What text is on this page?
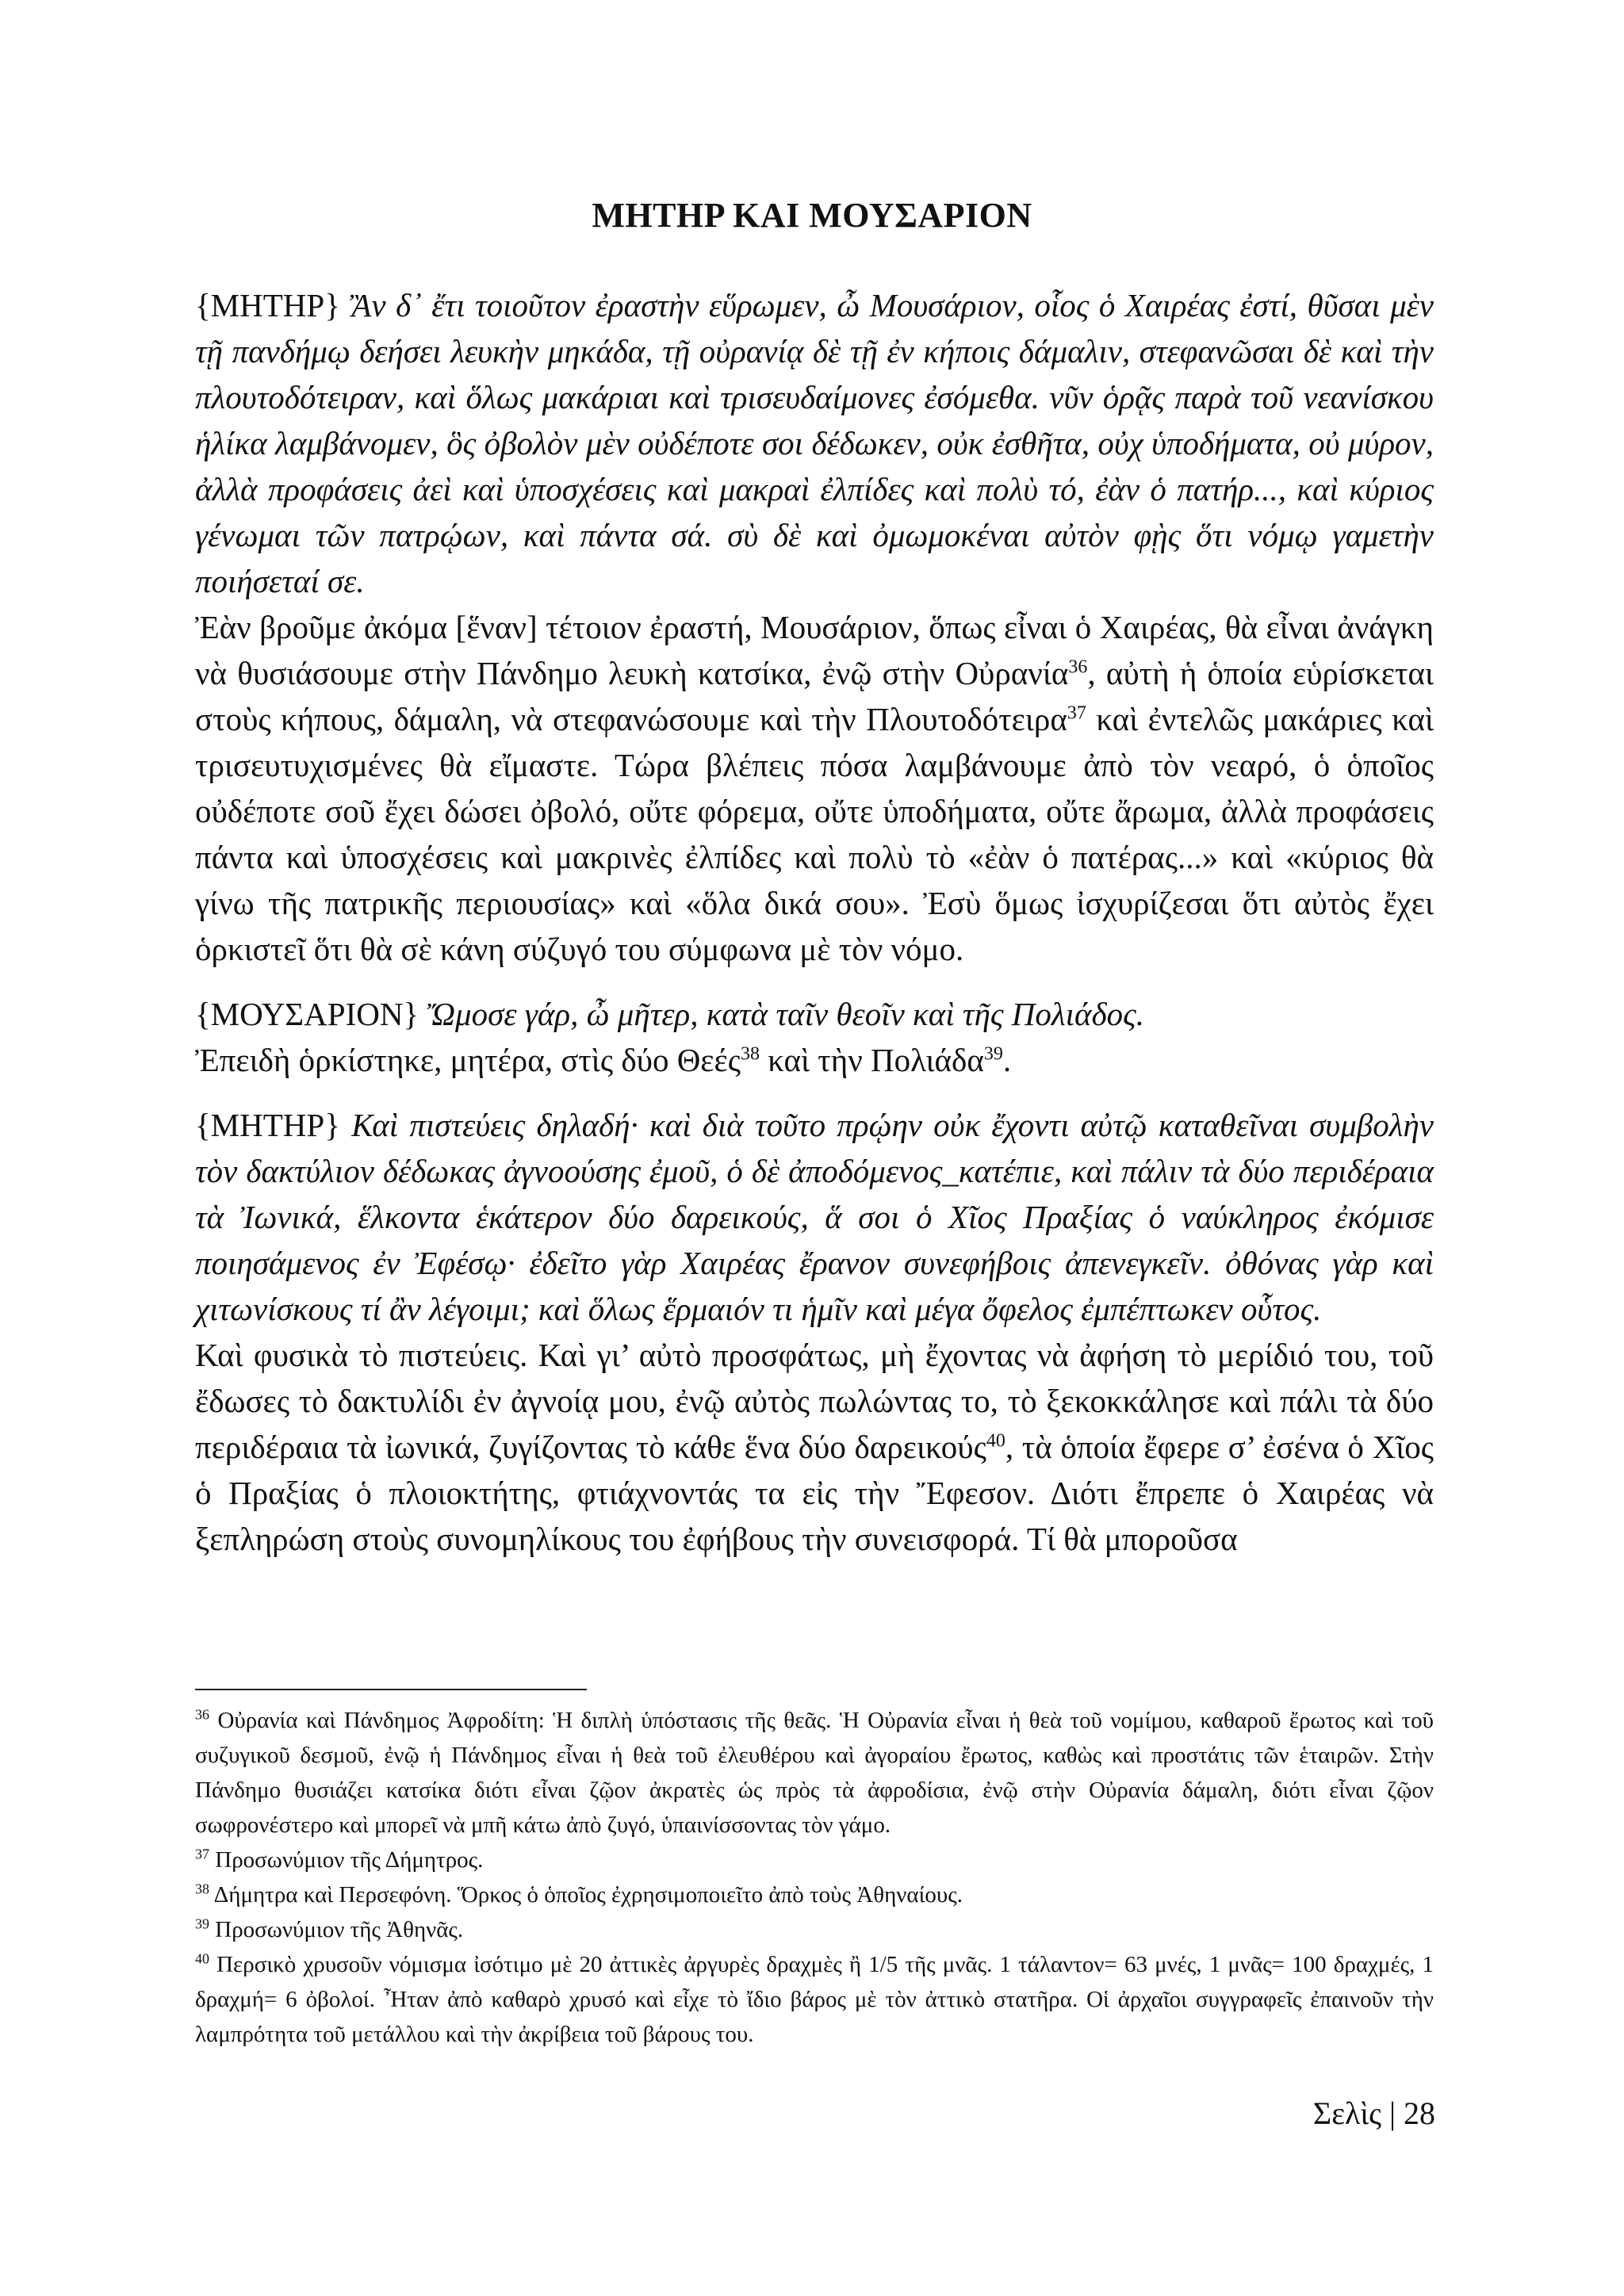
ΜΗΤΗΡ ΚΑΙ ΜΟΥΣΑΡΙΟΝ

{ΜΗΤΗΡ} Ἂν δ᾽ ἔτι τοιοῦτον ἐραστὴν εὕρωμεν, ὦ Μουσάριον, οἷος ὁ Χαιρέας ἐστί, θῦσαι μὲν τῇ πανδήμῳ δεήσει λευκὴν μηκάδα, τῇ οὐρανίᾳ δὲ τῇ ἐν κήποις δάμαλιν, στεφανῶσαι δὲ καὶ τὴν πλουτοδότειραν, καὶ ὅλως μακάριαι καὶ τρισευδαίμονες ἐσόμεθα. νῦν ὁρᾷς παρὰ τοῦ νεανίσκου ἡλίκα λαμβάνομεν, ὃς ὀβολὸν μὲν οὐδέποτε σοι δέδωκεν, οὐκ ἐσθῆτα, οὐχ ὑποδήματα, οὐ μύρον, ἀλλὰ προφάσεις ἀεὶ καὶ ὑποσχέσεις καὶ μακραὶ ἐλπίδες καὶ πολὺ τό, ἐὰν ὁ πατήρ..., καὶ κύριος γένωμαι τῶν πατρῴων, καὶ πάντα σά. σὺ δὲ καὶ ὀμωμοκέναι αὐτὸν φῂς ὅτι νόμῳ γαμετὴν ποιήσεταί σε.

Ἐὰν βροῦμε ἀκόμα [ἕναν] τέτοιον ἐραστή, Μουσάριον, ὅπως εἶναι ὁ Χαιρέας, θὰ εἶναι ἀνάγκη νὰ θυσιάσουμε στὴν Πάνδημο λευκὴ κατσίκα, ἐνῷ στὴν Οὐρανία$^{36}$, αὐτὴ ἡ ὁποία εὑρίσκεται στοὺς κήπους, δάμαλη, νὰ στεφανώσουμε καὶ τὴν Πλουτοδότειρα$^{37}$ καὶ ἐντελῶς μακάριες καὶ τρισευτυχισμένες θὰ εἴμαστε. Τώρα βλέπεις πόσα λαμβάνουμε ἀπὸ τὸν νεαρό, ὁ ὁποῖος οὐδέποτε σοῦ ἔχει δώσει ὀβολό, οὔτε φόρεμα, οὔτε ὑποδήματα, οὔτε ἄρωμα, ἀλλὰ προφάσεις πάντα καὶ ὑποσχέσεις καὶ μακρινὲς ἐλπίδες καὶ πολὺ τὸ «ἐὰν ὁ πατέρας...» καὶ «κύριος θὰ γίνω τῆς πατρικῆς περιουσίας» καὶ «ὅλα δικά σου». Ἐσὺ ὅμως ἰσχυρίζεσαι ὅτι αὐτὸς ἔχει ὁρκιστεῖ ὅτι θὰ σὲ κάνη σύζυγό του σύμφωνα μὲ τὸν νόμο.

{ΜΟΥΣΑΡΙΟΝ} Ὤμοσε γάρ, ὦ μῆτερ, κατὰ ταῖν θεοῖν καὶ τῆς Πολιάδος.

Ἐπειδὴ ὁρκίστηκε, μητέρα, στὶς δύο Θεές$^{38}$ καὶ τὴν Πολιάδα$^{39}$.

{ΜΗΤΗΡ} Καὶ πιστεύεις δηλαδή· καὶ διὰ τοῦτο πρῴην οὐκ ἔχοντι αὐτῷ καταθεῖναι συμβολὴν τὸν δακτύλιον δέδωκας ἀγνοούσης ἐμοῦ, ὁ δὲ ἀποδόμενος_κατέπιε, καὶ πάλιν τὰ δύο περιδέραια τὰ Ἰωνικά, ἕλκοντα ἑκάτερον δύο δαρεικούς, ἅ σοι ὁ Χῖος Πραξίας ὁ ναύκληρος ἐκόμισε ποιησάμενος ἐν Ἐφέσῳ· ἐδεῖτο γὰρ Χαιρέας ἔρανον συνεφήβοις ἀπενεγκεῖν. ὀθόνας γὰρ καὶ χιτωνίσκους τί ἂν λέγοιμι; καὶ ὅλως ἕρμαιόν τι ἡμῖν καὶ μέγα ὄφελος ἐμπέπτωκεν οὗτος.

Καὶ φυσικὰ τὸ πιστεύεις. Καὶ γι’ αὐτὸ προσφάτως, μὴ ἔχοντας νὰ ἀφήση τὸ μερίδιό του, τοῦ ἔδωσες τὸ δακτυλίδι ἐν ἀγνοίᾳ μου, ἐνῷ αὐτὸς πωλώντας το, τὸ ξεκοκκάλησε καὶ πάλι τὰ δύο περιδέραια τὰ ἰωνικά, ζυγίζοντας τὸ κάθε ἕνα δύο δαρεικούς$^{40}$, τὰ ὁποία ἔφερε σ’ ἐσένα ὁ Χῖος ὁ Πραξίας ὁ πλοιοκτήτης, φτιάχνοντάς τα εἰς τὴν Ἔφεσον. Διότι ἔπρεπε ὁ Χαιρέας νὰ ξεπληρώση στοὺς συνομηλίκους του ἐφήβους τὴν συνεισφορά. Τί θὰ μποροῦσα

$^{36}$ Οὐρανία καὶ Πάνδημος Ἀφροδίτη: Ἡ διπλὴ ὑπόστασις τῆς θεᾶς. Ἡ Οὐρανία εἶναι ἡ θεὰ τοῦ νομίμου, καθαροῦ ἔρωτος καὶ τοῦ συζυγικοῦ δεσμοῦ, ἐνῷ ἡ Πάνδημος εἶναι ἡ θεὰ τοῦ ἐλευθέρου καὶ ἀγοραίου ἔρωτος, καθὼς καὶ προστάτις τῶν ἑταιρῶν. Στὴν Πάνδημο θυσιάζει κατσίκα διότι εἶναι ζῷον ἀκρατὲς ὡς πρὸς τὰ ἀφροδίσια, ἐνῷ στὴν Οὐρανία δάμαλη, διότι εἶναι ζῷον σωφρονέστερο καὶ μπορεῖ νὰ μπῆ κάτω ἀπὸ ζυγό, ὑπαινίσσοντας τὸν γάμο.

$^{37}$ Προσωνύμιον τῆς Δήμητρος.

$^{38}$ Δήμητρα καὶ Περσεφόνη. Ὅρκος ὁ ὁποῖος ἐχρησιμοποιεῖτο ἀπὸ τοὺς Ἀθηναίους.

$^{39}$ Προσωνύμιον τῆς Ἀθηνᾶς.

$^{40}$ Περσικὸ χρυσοῦν νόμισμα ἰσότιμο μὲ 20 ἀττικὲς ἀργυρὲς δραχμὲς ἢ 1/5 τῆς μνᾶς. 1 τάλαντον= 63 μνές, 1 μνᾶς= 100 δραχμές, 1 δραχμή= 6 ὀβολοί. Ἦταν ἀπὸ καθαρὸ χρυσό καὶ εἶχε τὸ ἴδιο βάρος μὲ τὸν ἀττικὸ στατῆρα. Οἱ ἀρχαῖοι συγγραφεῖς ἐπαινοῦν τὴν λαμπρότητα τοῦ μετάλλου καὶ τὴν ἀκρίβεια τοῦ βάρους του.

Σελὶς | 28
